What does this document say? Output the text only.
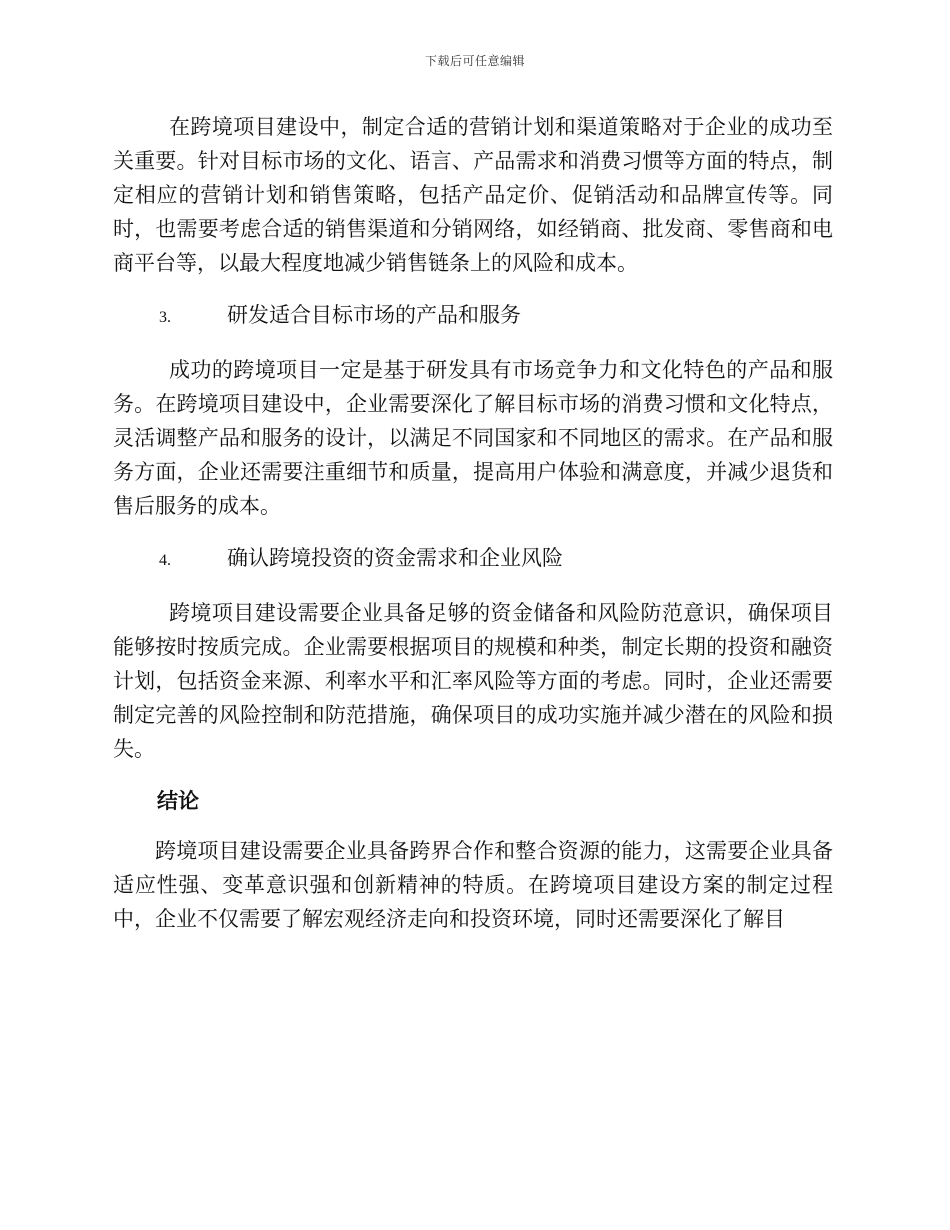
下载后可任意编辑

在跨境项目建设中，制定合适的营销计划和渠道策略对于企业的成功至关重要。针对目标市场的文化、语言、产品需求和消费习惯等方面的特点，制定相应的营销计划和销售策略，包括产品定价、促销活动和品牌宣传等。同时，也需要考虑合适的销售渠道和分销网络，如经销商、批发商、零售商和电商平台等，以最大程度地减少销售链条上的风险和成本。

3.	研发适合目标市场的产品和服务

成功的跨境项目一定是基于研发具有市场竞争力和文化特色的产品和服务。在跨境项目建设中，企业需要深化了解目标市场的消费习惯和文化特点，灵活调整产品和服务的设计，以满足不同国家和不同地区的需求。在产品和服务方面，企业还需要注重细节和质量，提高用户体验和满意度，并减少退货和售后服务的成本。

4.	确认跨境投资的资金需求和企业风险

跨境项目建设需要企业具备足够的资金储备和风险防范意识，确保项目能够按时按质完成。企业需要根据项目的规模和种类，制定长期的投资和融资计划，包括资金来源、利率水平和汇率风险等方面的考虑。同时，企业还需要制定完善的风险控制和防范措施，确保项目的成功实施并减少潜在的风险和损失。

结论

跨境项目建设需要企业具备跨界合作和整合资源的能力，这需要企业具备适应性强、变革意识强和创新精神的特质。在跨境项目建设方案的制定过程中，企业不仅需要了解宏观经济走向和投资环境，同时还需要深化了解目
